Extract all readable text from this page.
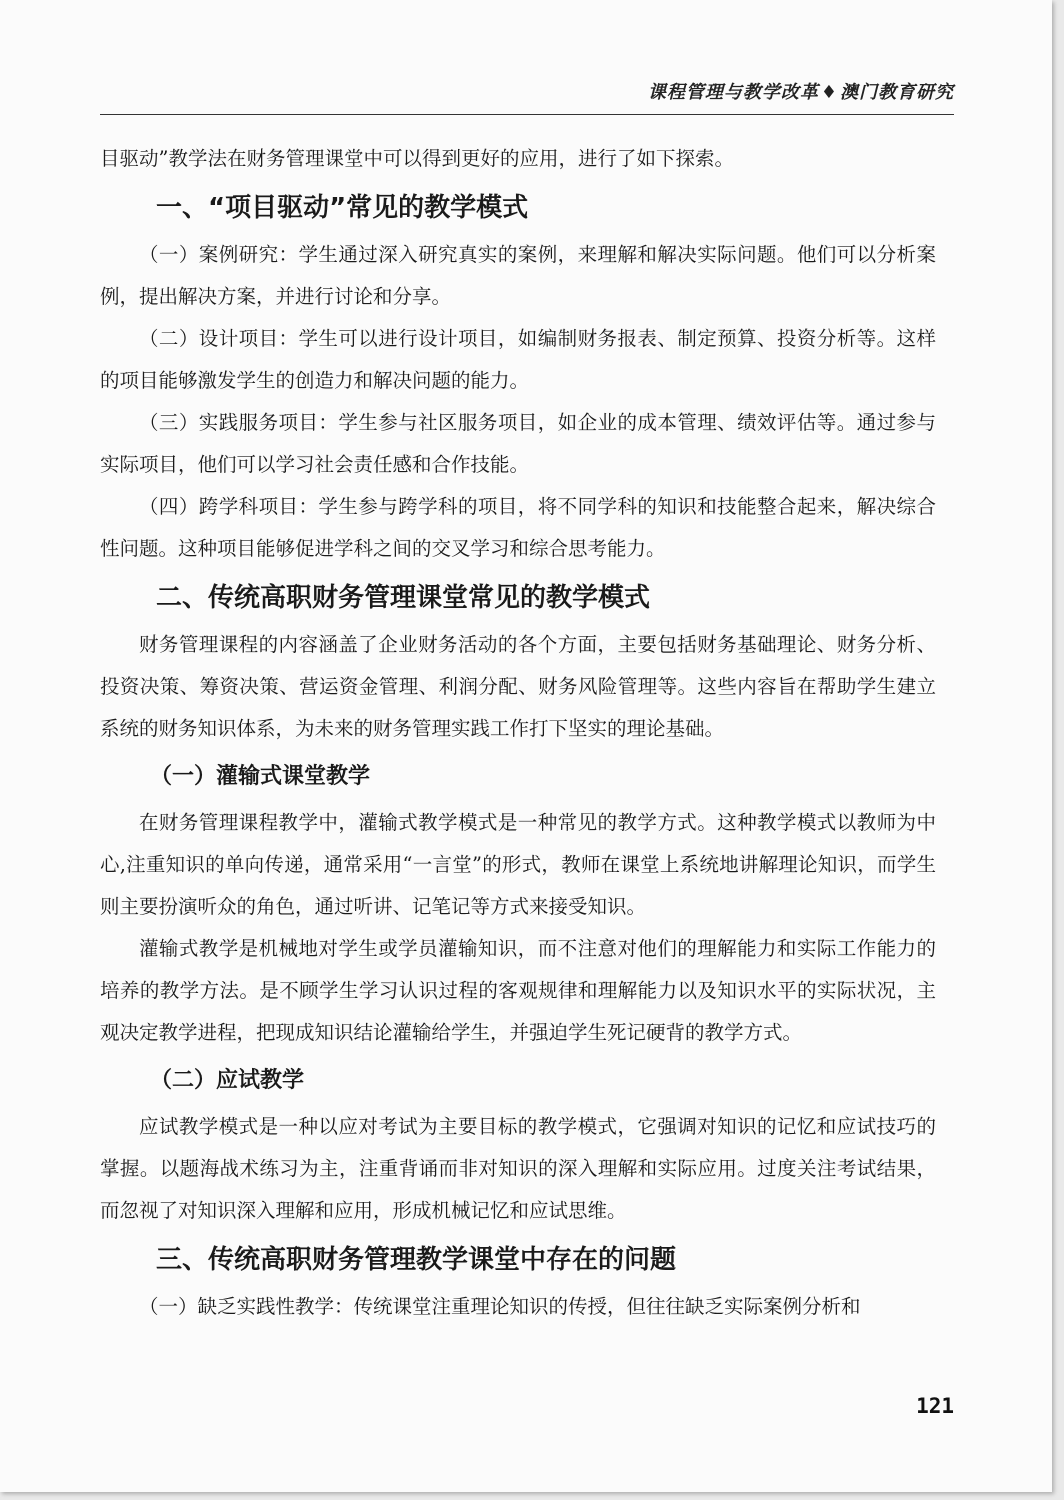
课程管理与教学改革 ♦ 澳门教育研究

目驱动”教学法在财务管理课堂中可以得到更好的应用，进行了如下探索。

一、“项目驱动”常见的教学模式

（一）案例研究：学生通过深入研究真实的案例，来理解和解决实际问题。他们可以分析案例，提出解决方案，并进行讨论和分享。

（二）设计项目：学生可以进行设计项目，如编制财务报表、制定预算、投资分析等。这样的项目能够激发学生的创造力和解决问题的能力。

（三）实践服务项目：学生参与社区服务项目，如企业的成本管理、绩效评估等。通过参与实际项目，他们可以学习社会责任感和合作技能。

（四）跨学科项目：学生参与跨学科的项目，将不同学科的知识和技能整合起来，解决综合性问题。这种项目能够促进学科之间的交叉学习和综合思考能力。

二、传统高职财务管理课堂常见的教学模式

财务管理课程的内容涵盖了企业财务活动的各个方面，主要包括财务基础理论、财务分析、投资决策、筹资决策、营运资金管理、利润分配、财务风险管理等。这些内容旨在帮助学生建立系统的财务知识体系，为未来的财务管理实践工作打下坚实的理论基础。

（一）灌输式课堂教学

在财务管理课程教学中，灌输式教学模式是一种常见的教学方式。这种教学模式以教师为中心,注重知识的单向传递，通常采用“一言堂”的形式，教师在课堂上系统地讲解理论知识，而学生则主要扮演听众的角色，通过听讲、记笔记等方式来接受知识。

灌输式教学是机械地对学生或学员灌输知识，而不注意对他们的理解能力和实际工作能力的培养的教学方法。是不顾学生学习认识过程的客观规律和理解能力以及知识水平的实际状况，主观决定教学进程，把现成知识结论灌输给学生，并强迫学生死记硬背的教学方式。

（二）应试教学

应试教学模式是一种以应对考试为主要目标的教学模式，它强调对知识的记忆和应试技巧的掌握。以题海战术练习为主，注重背诵而非对知识的深入理解和实际应用。过度关注考试结果，而忽视了对知识深入理解和应用，形成机械记忆和应试思维。

三、传统高职财务管理教学课堂中存在的问题

（一）缺乏实践性教学：传统课堂注重理论知识的传授，但往往缺乏实际案例分析和

121
